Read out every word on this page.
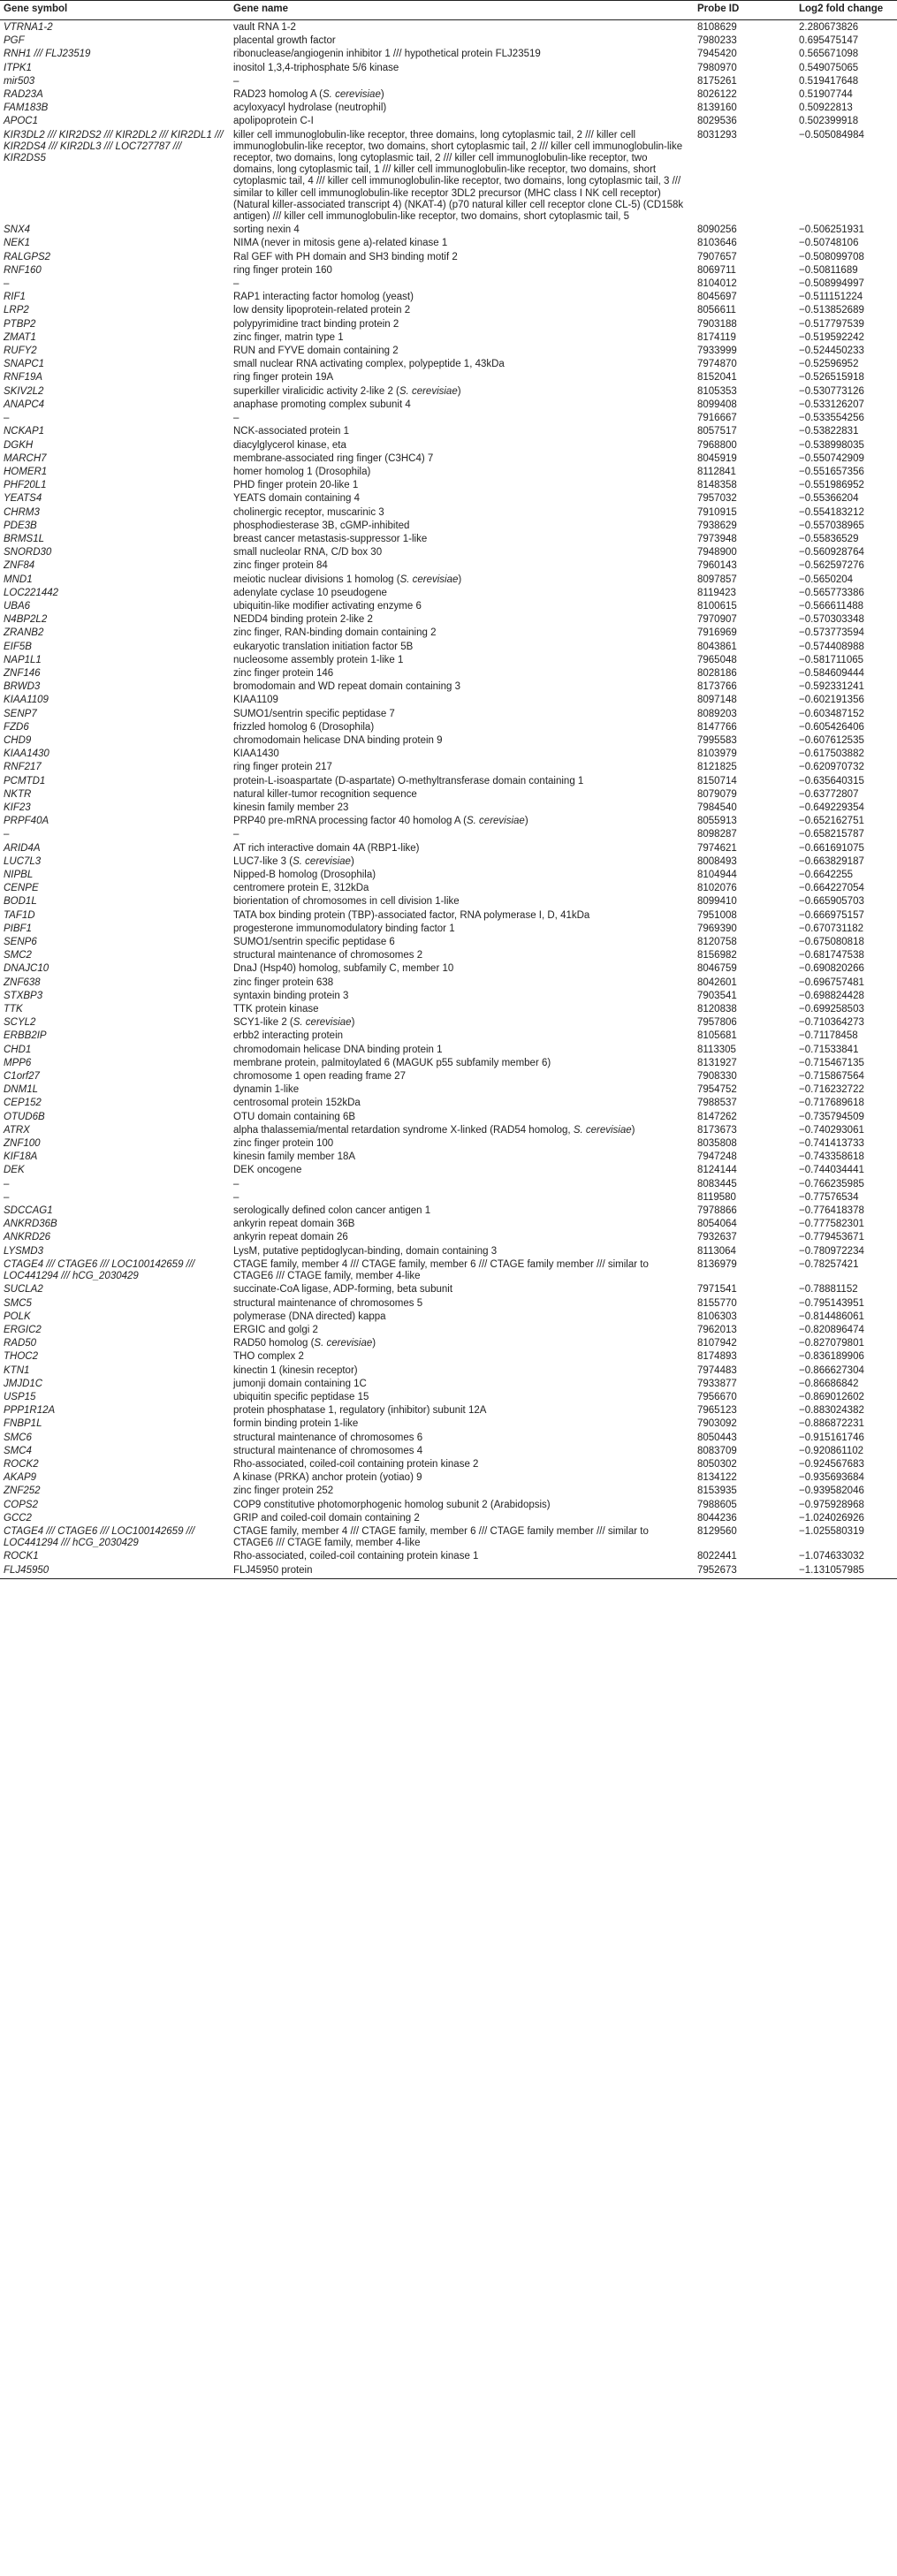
Gene symbol	Gene name	Probe ID	Log2 fold change
VTRNA1-2	vault RNA 1-2	8108629	2.280673826
PGF	placental growth factor	7980233	0.695475147
RNH1 /// FLJ23519	ribonuclease/angiogenin inhibitor 1 /// hypothetical protein FLJ23519	7945420	0.565671098
ITPK1	inositol 1,3,4-triphosphate 5/6 kinase	7980970	0.549075065
mir503	–	8175261	0.519417648
RAD23A	RAD23 homolog A (S. cerevisiae)	8026122	0.51907744
FAM183B	acyloxyacyl hydrolase (neutrophil)	8139160	0.50922813
APOC1	apolipoprotein C-I	8029536	0.502399918
KIR3DL2 /// KIR2DS2 /// KIR2DL2 /// KIR2DL1 /// KIR2DS4 /// KIR2DL3 /// LOC727787 /// KIR2DS5	killer cell immunoglobulin-like receptor, three domains, long cytoplasmic tail, 2 /// killer cell immunoglobulin-like receptor, two domains, short cytoplasmic tail, 2 /// killer cell immunoglobulin-like receptor, two domains, long cytoplasmic tail, 2 /// killer cell immunoglobulin-like receptor, two domains, long cytoplasmic tail, 1 /// killer cell immunoglobulin-like receptor, two domains, short cytoplasmic tail, 4 /// killer cell immunoglobulin-like receptor, two domains, long cytoplasmic tail, 3 /// similar to killer cell immunoglobulin-like receptor 3DL2 precursor (MHC class I NK cell receptor) (Natural killer-associated transcript 4) (NKAT-4) (p70 natural killer cell receptor clone CL-5) (CD158k antigen) /// killer cell immunoglobulin-like receptor, two domains, short cytoplasmic tail, 5	8031293	−0.505084984
SNX4	sorting nexin 4	8090256	−0.506251931
NEK1	NIMA (never in mitosis gene a)-related kinase 1	8103646	−0.50748106
RALGPS2	Ral GEF with PH domain and SH3 binding motif 2	7907657	−0.508099708
RNF160	ring finger protein 160	8069711	−0.50811689
–	–	8104012	−0.508994997
RIF1	RAP1 interacting factor homolog (yeast)	8045697	−0.511151224
LRP2	low density lipoprotein-related protein 2	8056611	−0.513852689
PTBP2	polypyrimidine tract binding protein 2	7903188	−0.517797539
ZMAT1	zinc finger, matrin type 1	8174119	−0.519592242
RUFY2	RUN and FYVE domain containing 2	7933999	−0.524450233
SNAPC1	small nuclear RNA activating complex, polypeptide 1, 43kDa	7974870	−0.52596952
RNF19A	ring finger protein 19A	8152041	−0.526515918
SKIV2L2	superkiller viralicidic activity 2-like 2 (S. cerevisiae)	8105353	−0.530773126
ANAPC4	anaphase promoting complex subunit 4	8099408	−0.533126207
–	–	7916667	−0.533554256
NCKAP1	NCK-associated protein 1	8057517	−0.53822831
DGKH	diacylglycerol kinase, eta	7968800	−0.538998035
MARCH7	membrane-associated ring finger (C3HC4) 7	8045919	−0.550742909
HOMER1	homer homolog 1 (Drosophila)	8112841	−0.551657356
PHF20L1	PHD finger protein 20-like 1	8148358	−0.551986952
YEATS4	YEATS domain containing 4	7957032	−0.55366204
CHRM3	cholinergic receptor, muscarinic 3	7910915	−0.554183212
PDE3B	phosphodiesterase 3B, cGMP-inhibited	7938629	−0.557038965
BRMS1L	breast cancer metastasis-suppressor 1-like	7973948	−0.55836529
SNORD30	small nucleolar RNA, C/D box 30	7948900	−0.560928764
ZNF84	zinc finger protein 84	7960143	−0.562597276
MND1	meiotic nuclear divisions 1 homolog (S. cerevisiae)	8097857	−0.5650204
LOC221442	adenylate cyclase 10 pseudogene	8119423	−0.565773386
UBA6	ubiquitin-like modifier activating enzyme 6	8100615	−0.566611488
N4BP2L2	NEDD4 binding protein 2-like 2	7970907	−0.570303348
ZRANB2	zinc finger, RAN-binding domain containing 2	7916969	−0.573773594
EIF5B	eukaryotic translation initiation factor 5B	8043861	−0.574408988
NAP1L1	nucleosome assembly protein 1-like 1	7965048	−0.581711065
ZNF146	zinc finger protein 146	8028186	−0.584609444
BRWD3	bromodomain and WD repeat domain containing 3	8173766	−0.592331241
KIAA1109	KIAA1109	8097148	−0.602191356
SENP7	SUMO1/sentrin specific peptidase 7	8089203	−0.603487152
FZD6	frizzled homolog 6 (Drosophila)	8147766	−0.605426406
CHD9	chromodomain helicase DNA binding protein 9	7995583	−0.607612535
KIAA1430	KIAA1430	8103979	−0.617503882
RNF217	ring finger protein 217	8121825	−0.620970732
PCMTD1	protein-L-isoaspartate (D-aspartate) O-methyltransferase domain containing 1	8150714	−0.635640315
NKTR	natural killer-tumor recognition sequence	8079079	−0.63772807
KIF23	kinesin family member 23	7984540	−0.649229354
PRPF40A	PRP40 pre-mRNA processing factor 40 homolog A (S. cerevisiae)	8055913	−0.652162751
–	–	8098287	−0.658215787
ARID4A	AT rich interactive domain 4A (RBP1-like)	7974621	−0.661691075
LUC7L3	LUC7-like 3 (S. cerevisiae)	8008493	−0.663829187
NIPBL	Nipped-B homolog (Drosophila)	8104944	−0.6642255
CENPE	centromere protein E, 312kDa	8102076	−0.664227054
BOD1L	biorientation of chromosomes in cell division 1-like	8099410	−0.665905703
TAF1D	TATA box binding protein (TBP)-associated factor, RNA polymerase I, D, 41kDa	7951008	−0.666975157
PIBF1	progesterone immunomodulatory binding factor 1	7969390	−0.670731182
SENP6	SUMO1/sentrin specific peptidase 6	8120758	−0.675080818
SMC2	structural maintenance of chromosomes 2	8156982	−0.681747538
DNAJC10	DnaJ (Hsp40) homolog, subfamily C, member 10	8046759	−0.690820266
ZNF638	zinc finger protein 638	8042601	−0.696757481
STXBP3	syntaxin binding protein 3	7903541	−0.698824428
TTK	TTK protein kinase	8120838	−0.699258503
SCYL2	SCY1-like 2 (S. cerevisiae)	7957806	−0.710364273
ERBB2IP	erbb2 interacting protein	8105681	−0.71178458
CHD1	chromodomain helicase DNA binding protein 1	8113305	−0.71533841
MPP6	membrane protein, palmitoylated 6 (MAGUK p55 subfamily member 6)	8131927	−0.715467135
C1orf27	chromosome 1 open reading frame 27	7908330	−0.715867564
DNM1L	dynamin 1-like	7954752	−0.716232722
CEP152	centrosomal protein 152kDa	7988537	−0.717689618
OTUD6B	OTU domain containing 6B	8147262	−0.735794509
ATRX	alpha thalassemia/mental retardation syndrome X-linked (RAD54 homolog, S. cerevisiae)	8173673	−0.740293061
ZNF100	zinc finger protein 100	8035808	−0.741413733
KIF18A	kinesin family member 18A	7947248	−0.743358618
DEK	DEK oncogene	8124144	−0.744034441
–	–	8083445	−0.766235985
–	–	8119580	−0.77576534
SDCCAG1	serologically defined colon cancer antigen 1	7978866	−0.776418378
ANKRD36B	ankyrin repeat domain 36B	8054064	−0.777582301
ANKRD26	ankyrin repeat domain 26	7932637	−0.779453671
LYSMD3	LysM, putative peptidoglycan-binding, domain containing 3	8113064	−0.780972234
CTAGE4 /// CTAGE6 /// LOC100142659 /// LOC441294 /// hCG_2030429	CTAGE family, member 4 /// CTAGE family, member 6 /// CTAGE family member /// similar to CTAGE6 /// CTAGE family, member 4-like	8136979	−0.78257421
SUCLA2	succinate-CoA ligase, ADP-forming, beta subunit	7971541	−0.78881152
SMC5	structural maintenance of chromosomes 5	8155770	−0.795143951
POLK	polymerase (DNA directed) kappa	8106303	−0.814486061
ERGIC2	ERGIC and golgi 2	7962013	−0.820896474
RAD50	RAD50 homolog (S. cerevisiae)	8107942	−0.827079801
THOC2	THO complex 2	8174893	−0.836189906
KTN1	kinectin 1 (kinesin receptor)	7974483	−0.866627304
JMJD1C	jumonji domain containing 1C	7933877	−0.86686842
USP15	ubiquitin specific peptidase 15	7956670	−0.869012602
PPP1R12A	protein phosphatase 1, regulatory (inhibitor) subunit 12A	7965123	−0.883024382
FNBP1L	formin binding protein 1-like	7903092	−0.886872231
SMC6	structural maintenance of chromosomes 6	8050443	−0.915161746
SMC4	structural maintenance of chromosomes 4	8083709	−0.920861102
ROCK2	Rho-associated, coiled-coil containing protein kinase 2	8050302	−0.924567683
AKAP9	A kinase (PRKA) anchor protein (yotiao) 9	8134122	−0.935693684
ZNF252	zinc finger protein 252	8153935	−0.939582046
COPS2	COP9 constitutive photomorphogenic homolog subunit 2 (Arabidopsis)	7988605	−0.975928968
GCC2	GRIP and coiled-coil domain containing 2	8044236	−1.024026926
CTAGE4 /// CTAGE6 /// LOC100142659 /// LOC441294 /// hCG_2030429	CTAGE family, member 4 /// CTAGE family, member 6 /// CTAGE family member /// similar to CTAGE6 /// CTAGE family, member 4-like	8129560	−1.025580319
ROCK1	Rho-associated, coiled-coil containing protein kinase 1	8022441	−1.074633032
FLJ45950	FLJ45950 protein	7952673	−1.131057985
